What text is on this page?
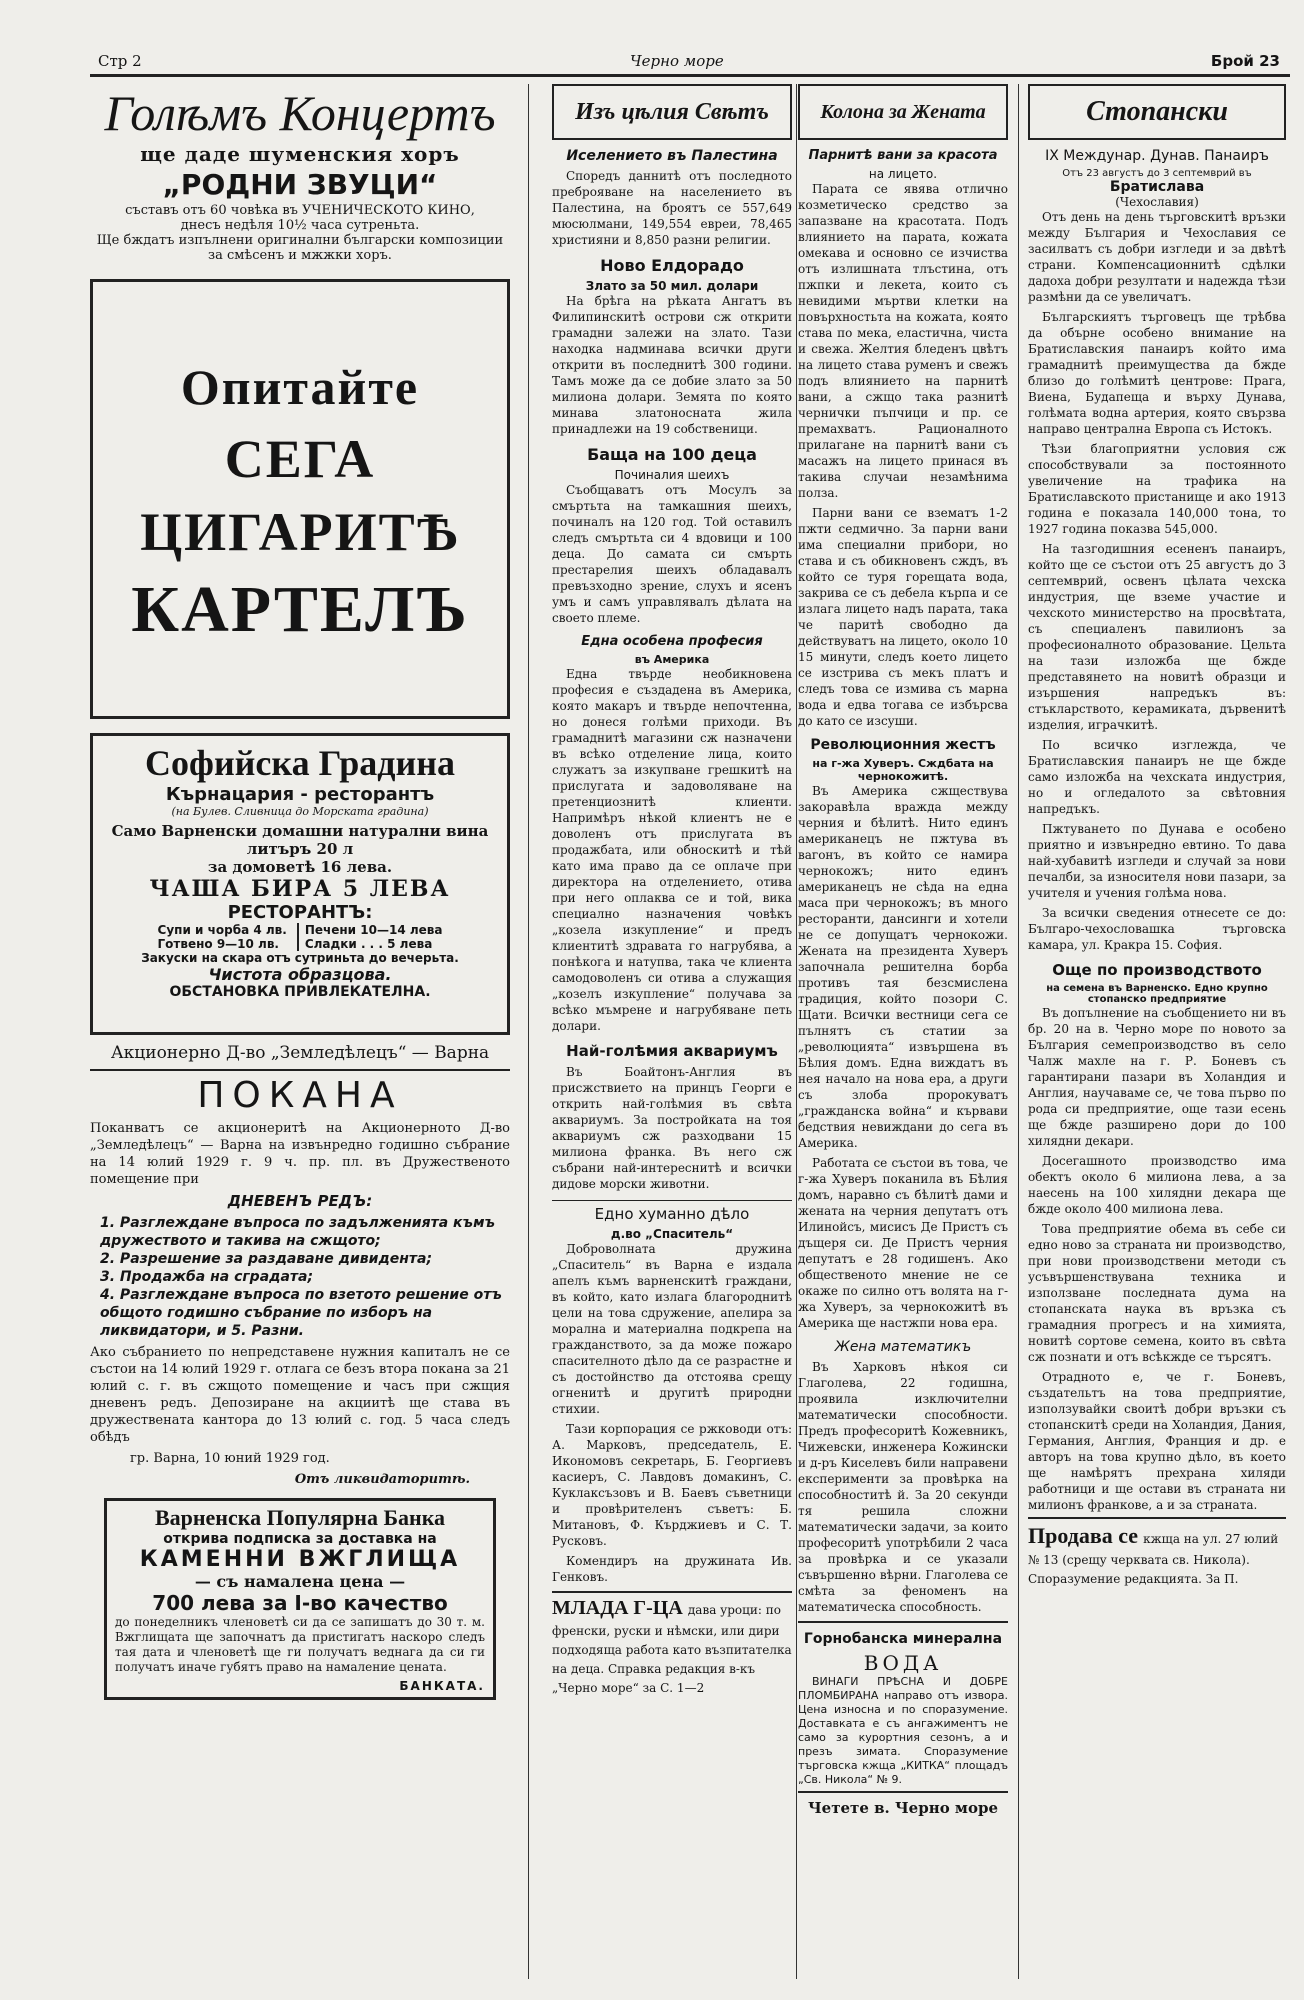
Стр 2	Черно море	Брой 23
Голѣмъ Концертъ
ще даде шуменския хоръ
„РОДНИ ЗВУЦИ“
съставъ отъ 60 човѣка въ УЧЕНИЧЕСКОТО КИНО,
днесъ недѣля 10½ часа сутреньта.
Ще бждатъ изпълнени оригинални български композиции
за смѣсенъ и мжжки хоръ.
Опитайте
СЕГА
ЦИГАРИТѢ
КАРТЕЛЪ
Софийска Градина
Кърнацария - ресторантъ
(на Булев. Сливница до Морската градина)
Само Варненски домашни натурални вина литъръ 20 л
за домоветѣ 16 лева.
ЧАША БИРА 5 ЛЕВА
РЕСТОРАНТЪ:
Супи и чорба 4 лв.
Готвено 9—10 лв.
Печени 10—14 лева
Сладки . . . 5 лева
Закуски на скара отъ сутриньта до вечерьта.
Чистота образцова.
ОБСТАНОВКА ПРИВЛЕКАТЕЛНА.
Акционерно Д-во „Земледѣлецъ“ — Варна
ПОКАНА

Поканватъ се акционеритѣ на Акционерното Д-во „Земледѣлецъ“ — Варна на извънредно годишно събрание на 14 юлий 1929 г. 9 ч. пр. пл. въ Дружественото помещение при

ДНЕВЕНЪ РЕДЪ:
1. Разглеждане въпроса по задълженията къмъ дружеството и такива на сжщото;
2. Разрешение за раздаване дивидента;
3. Продажба на сградата;
4. Разглеждане въпроса по взетото решение отъ общото годишно събрание по изборъ на ликвидатори, и 5. Разни.

Ако събранието по непредставене нужния капиталъ не се състои на 14 юлий 1929 г. отлага се безъ втора покана за 21 юлий с. г. въ сжщото помещение и часъ при сжщия дневенъ редъ. Депозиране на акциитѣ ще става въ дружествената кантора до 13 юлий с. год. 5 часа следъ обѣдъ

гр. Варна, 10 юний 1929 год.

Отъ ликвидаторитѣ.

Варненска Популярна Банка
открива подписка за доставка на
КАМЕННИ ВЖГЛИЩА
— съ намалена цена —
700 лева за І-во качество

до понеделникъ членоветѣ си да се запишатъ до 30 т. м. Вжглищата ще започнатъ да пристигатъ наскоро следъ тая дата и членоветѣ ще ги получатъ веднага да си ги получатъ иначе губятъ право на намаление цената.

БАНКАТА.
Изъ цѣлия Свѣтъ
Иселението въ Палестина

Споредъ даннитѣ отъ последното преброяване на населението въ Палестина, на броятъ се 557,649 мюсюлмани, 149,554 евреи, 78,465 християни и 8,850 разни религии.

Ново Елдорадо
Злато за 50 мил. долари

На брѣга на рѣката Ангатъ въ Филипинскитѣ острови сж открити грамадни залежи на злато. Тази находка надминава всички други открити въ последнитѣ 300 години. Тамъ може да се добие злато за 50 милиона долари. Земята по която минава златоносната жила принадлежи на 19 собственици.

Баща на 100 деца
Починалия шеихъ

Съобщаватъ отъ Мосулъ за смъртьта на тамкашния шеихъ, починалъ на 120 год. Той оставилъ следъ смъртьта си 4 вдовици и 100 деца. До самата си смърть престарелия шеихъ обладавалъ превъзходно зрение, слухъ и ясенъ умъ и самъ управлявалъ дѣлата на своето племе.

Една особена професия
въ Америка

Една твърде необикновена професия е създадена въ Америка, която макаръ и твърде непочтенна, но донеся голѣми приходи. Въ грамаднитѣ магазини сж назначени въ всѣко отделение лица, които служатъ за изкупване грешкитѣ на прислугата и задоволяване на претенциознитѣ клиенти. Напримѣръ нѣкой клиентъ не е доволенъ отъ прислугата въ продажбата, или обноскитѣ и тѣй като има право да се оплаче при директора на отделението, отива при него оплаква се и той, вика специално назначения човѣкъ „козела изкупление“ и предъ клиентитѣ здравата го нагрубява, а понѣкога и натупва, така че клиента самодоволенъ си отива а служащия „козелъ изкупление“ получава за всѣко мъмрене и нагрубяване петь долари.

Най-голѣмия аквариумъ

Въ Боайтонъ-Англия въ присжствието на принцъ Георги е открить най-голѣмия въ свѣта аквариумъ. За постройката на тоя аквариумъ сж разходвани 15 милиона франка. Въ него сж събрани най-интереснитѣ и всички дидове морски животни.

Едно хуманно дѣло
д.во „Спаситель“

Доброволната дружина „Спаситель“ въ Варна е издала апелъ къмъ варненскитѣ граждани, въ който, като излага благороднитѣ цели на това сдружение, апелира за морална и материална подкрепа на гражданството, за да може пожаро спасителното дѣло да се разрастне и съ достойнство да отстоява срещу огненитѣ и другитѣ природни стихии.

Тази корпорация се ржководи отъ: А. Марковъ, председатель, Е. Икономовъ секретарь, Б. Георгиевъ касиеръ, С. Лавдовъ домакинъ, С. Куклаксъзовъ и В. Баевъ съветници и провѣрителенъ съветъ: Б. Митановъ, Ф. Кърджиевъ и С. Т. Русковъ.

Комендиръ на дружината Ив. Генковъ.

МЛАДА Г-ЦА дава уроци: по френски, руски и нѣмски, или дири подходяща работа като възпитателка на деца. Справка редакция в-къ „Черно море“ за С. 1—2
Колона за Жената
Парнитѣ вани за красота
на лицето.

Парата се явява отлично козметическо средство за запазване на красотата. Подъ влиянието на парата, кожата омекава и основно се изчиства отъ излишната тлъстина, отъ пжпки и лекета, които съ невидими мъртви клетки на повърхностьта на кожата, която става по мека, еластична, чиста и свежа. Желтия бледенъ цвѣтъ на лицето става руменъ и свежъ подъ влиянието на парнитѣ вани, а сжщо така разнитѣ чернички пъпчици и пр. се премахватъ. Рационалното прилагане на парнитѣ вани съ масажъ на лицето принася въ такива случаи незамѣнима полза.

Парни вани се взематъ 1-2 пжти седмично. За парни вани има специални прибори, но става и съ обикновенъ сждъ, въ който се туря горещата вода, закрива се съ дебела кърпа и се излага лицето надъ парата, така че паритѣ свободно да действуватъ на лицето, около 10 15 минути, следъ което лицето се изстрива съ мекъ платъ и следъ това се измива съ марна вода и едва тогава се избърсва до като се изсуши.

Революционния жестъ
на г-жа Хуверъ. Сждбата на чернокожитѣ.

Въ Америка сжществува закоравѣла вражда между черния и бѣлитѣ. Нито единъ американецъ не пжтува въ вагонъ, въ който се намира чернокожъ; нито единъ американецъ не сѣда на една маса при чернокожъ; въ много ресторанти, дансинги и хотели не се допущатъ чернокожи. Жената на президента Хуверъ започнала решителна борба противъ тая безсмислена традиция, който позори С. Щати. Всички вестници сега се пълнятъ съ статии за „революцията“ извършена въ Бѣлия домъ. Една виждатъ въ нея начало на нова ера, а други съ злоба пророкуватъ „гражданска война“ и кървави бедствия невиждани до сега въ Америка.

Работата се състои въ това, че г-жа Хуверъ поканила въ Бѣлия домъ, наравно съ бѣлитѣ дами и жената на черния депутатъ отъ Илинойсъ, мисисъ Де Пристъ съ дъщеря си. Де Пристъ черния депутатъ е 28 годишенъ. Ако общественото мнение не се окаже по силно отъ волята на г-жа Хуверъ, за чернокожитѣ въ Америка ще настжпи нова ера.

Жена математикъ

Въ Харковъ нѣкоя си Глаголева, 22 годишна, проявила изключителни математически способности. Предъ професоритѣ Кожевникъ, Чижевски, инженера Кожински и д-ръ Киселевъ били направени експерименти за провѣрка на способноститѣ й. За 20 секунди тя решила сложни математически задачи, за които професоритѣ употрѣбили 2 часа за провѣрка и се указали съвършенно вѣрни. Глаголева се смѣта за феноменъ на математическа способность.

Горнобанска минерална
ВОДА

ВИНАГИ ПРѢСНА И ДОБРЕ ПЛОМБИРАНА направо отъ извора. Цена износна и по споразумение. Доставката е съ ангажиментъ не само за курортния сезонъ, а и презъ зимата. Споразумение търговска кжща „КИТКА“ площадъ „Св. Никола“ № 9.

Четете в. Черно море
Стопански
IX Междунар. Дунав. Панаиръ
Отъ 23 августъ до 3 септемврий въ
Братислава
(Чехославия)

Отъ день на день търговскитѣ връзки между България и Чехославия се засилватъ съ добри изгледи и за двѣтѣ страни. Компенсационнитѣ сдѣлки дадоха добри резултати и надежда тѣзи размѣни да се увеличатъ.

Българскиятъ търговецъ ще трѣбва да обърне особено внимание на Братиславския панаиръ който има грамаднитѣ преимущества да бжде близо до голѣмитѣ центрове: Прага, Виена, Будапеща и върху Дунава, голѣмата водна артерия, която свързва направо централна Европа съ Истокъ.

Тѣзи благоприятни условия сж способствували за постоянното увеличение на трафика на Братиславското пристанище и ако 1913 година е показала 140,000 тона, то 1927 година показва 545,000.

На тазгодишния есененъ панаиръ, който ще се състои отъ 25 августъ до 3 септемврий, освенъ цѣлата чехска индустрия, ще вземе участие и чехското министерство на просвѣтата, съ специаленъ павилионъ за професионалното образование. Цельта на тази изложба ще бжде представянето на новитѣ образци и изършения напредъкъ въ: стъкларството, керамиката, дървенитѣ изделия, играчкитѣ.

По всичко изглежда, че Братиславския панаиръ не ще бжде само изложба на чехската индустрия, но и огледалото за свѣтовния напредъкъ.

Пжтуването по Дунава е особено приятно и извънредно евтино. То дава най-хубавитѣ изгледи и случай за нови печалби, за износителя нови пазари, за учителя и учения голѣма нова.

За всички сведения отнесете се до: Българо-чехословашка търговска камара, ул. Кракра 15. София.

Още по производството
на семена въ Варненско. Едно крупно стопанско предприятие

Въ допълнение на съобщението ни въ бр. 20 на в. Черно море по новото за България семепроизводство въ село Чалж махле на г. Р. Боневъ съ гарантирани пазари въ Холандия и Англия, научаваме се, че това първо по рода си предприятие, още тази есень ще бжде разширено дори до 100 хилядни декари.

Досегашното производство има обектъ около 6 милиона лева, а за наесень на 100 хилядни декара ще бжде около 400 милиона лева.

Това предприятие обема въ себе си едно ново за страната ни производство, при нови производствени методи съ усъвършенствувана техника и използване последната дума на стопанската наука въ връзка съ грамадния прогресъ и на химията, новитѣ сортове семена, които въ свѣта сж познати и отъ всѣкжде се търсятъ.

Отрадното е, че г. Боневъ, създательтъ на това предприятие, използувайки своитѣ добри връзки съ стопанскитѣ среди на Холандия, Дания, Германия, Англия, Франция и др. е авторъ на това крупно дѣло, въ което ще намѣрятъ прехрана хиляди работници и ще остави въ страната ни милионъ франкове, а и за страната.

Продава се кжща на ул. 27 юлий № 13 (срещу черквата св. Никола). Споразумение редакцията. За П.
